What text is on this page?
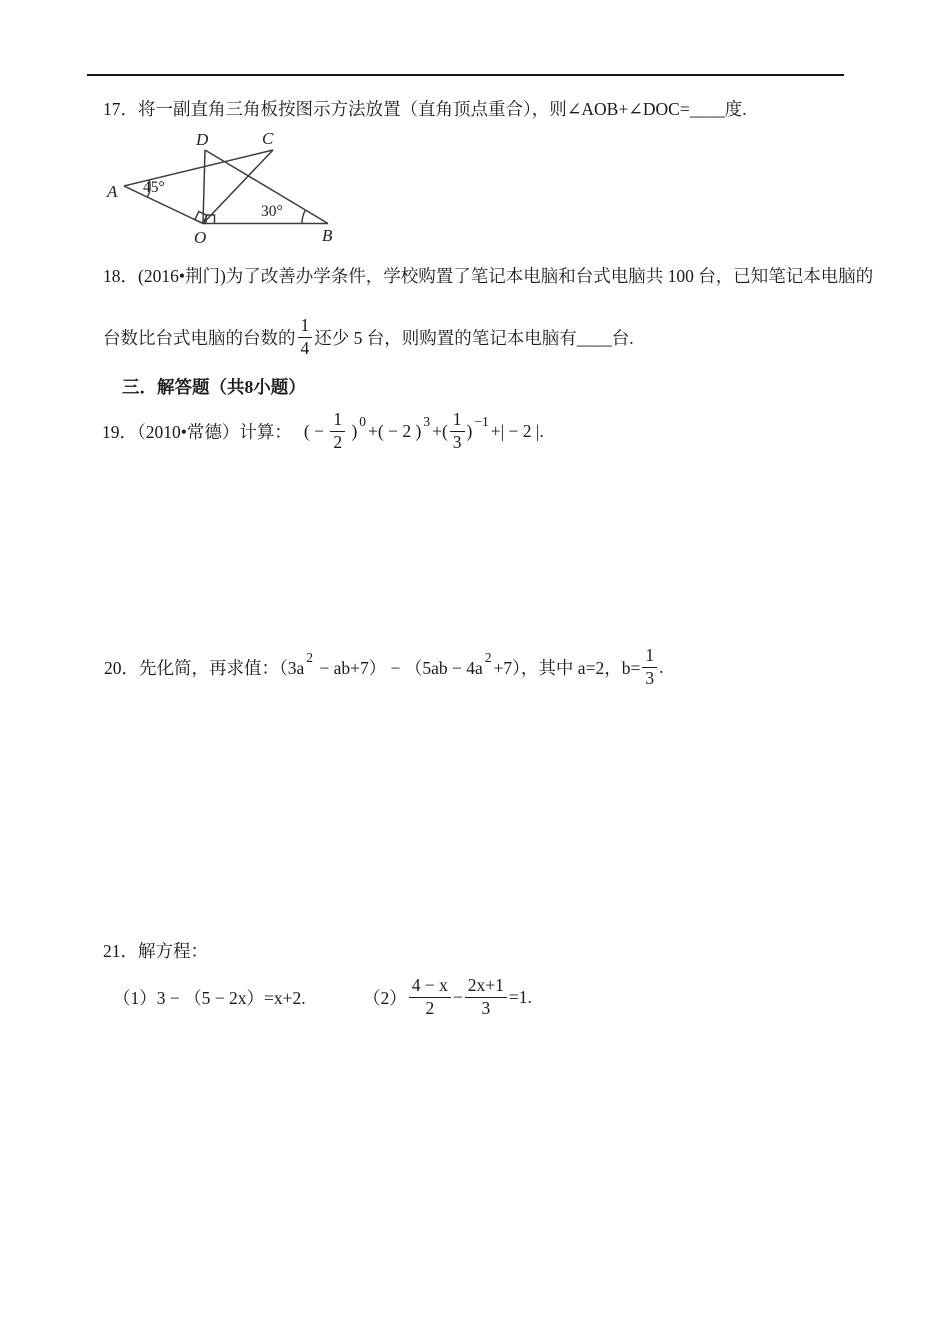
17．将一副直角三角板按图示方法放置（直角顶点重合），则∠AOB+∠DOC=____度.
A
D	C
O	B
45°
30°
18．(2016•荆门)为了改善办学条件，学校购置了笔记本电脑和台式电脑共 100 台，已知笔记本电脑的
台数比台式电脑的台数的 $\frac{1}{4}$ 还少 5 台，则购置的笔记本电脑有____台.
三．解答题（共8小题）
19．（2010•常德）计算： ( − $\frac{1}{2}$ ) 0 +( − 2 ) 3 +( $\frac{1}{3}$ ) −1 +| − 2 |.
20．先化简，再求值：（3a 2 − ab+7） − （5ab − 4a 2 +7），其中 a=2，$b= \frac{1}{3}$ .
21．解方程：
（1）3 − （5 − 2x）=x+2.	$(2) \frac{4 - x}{2} - \frac{2x+1}{3} =1$.
